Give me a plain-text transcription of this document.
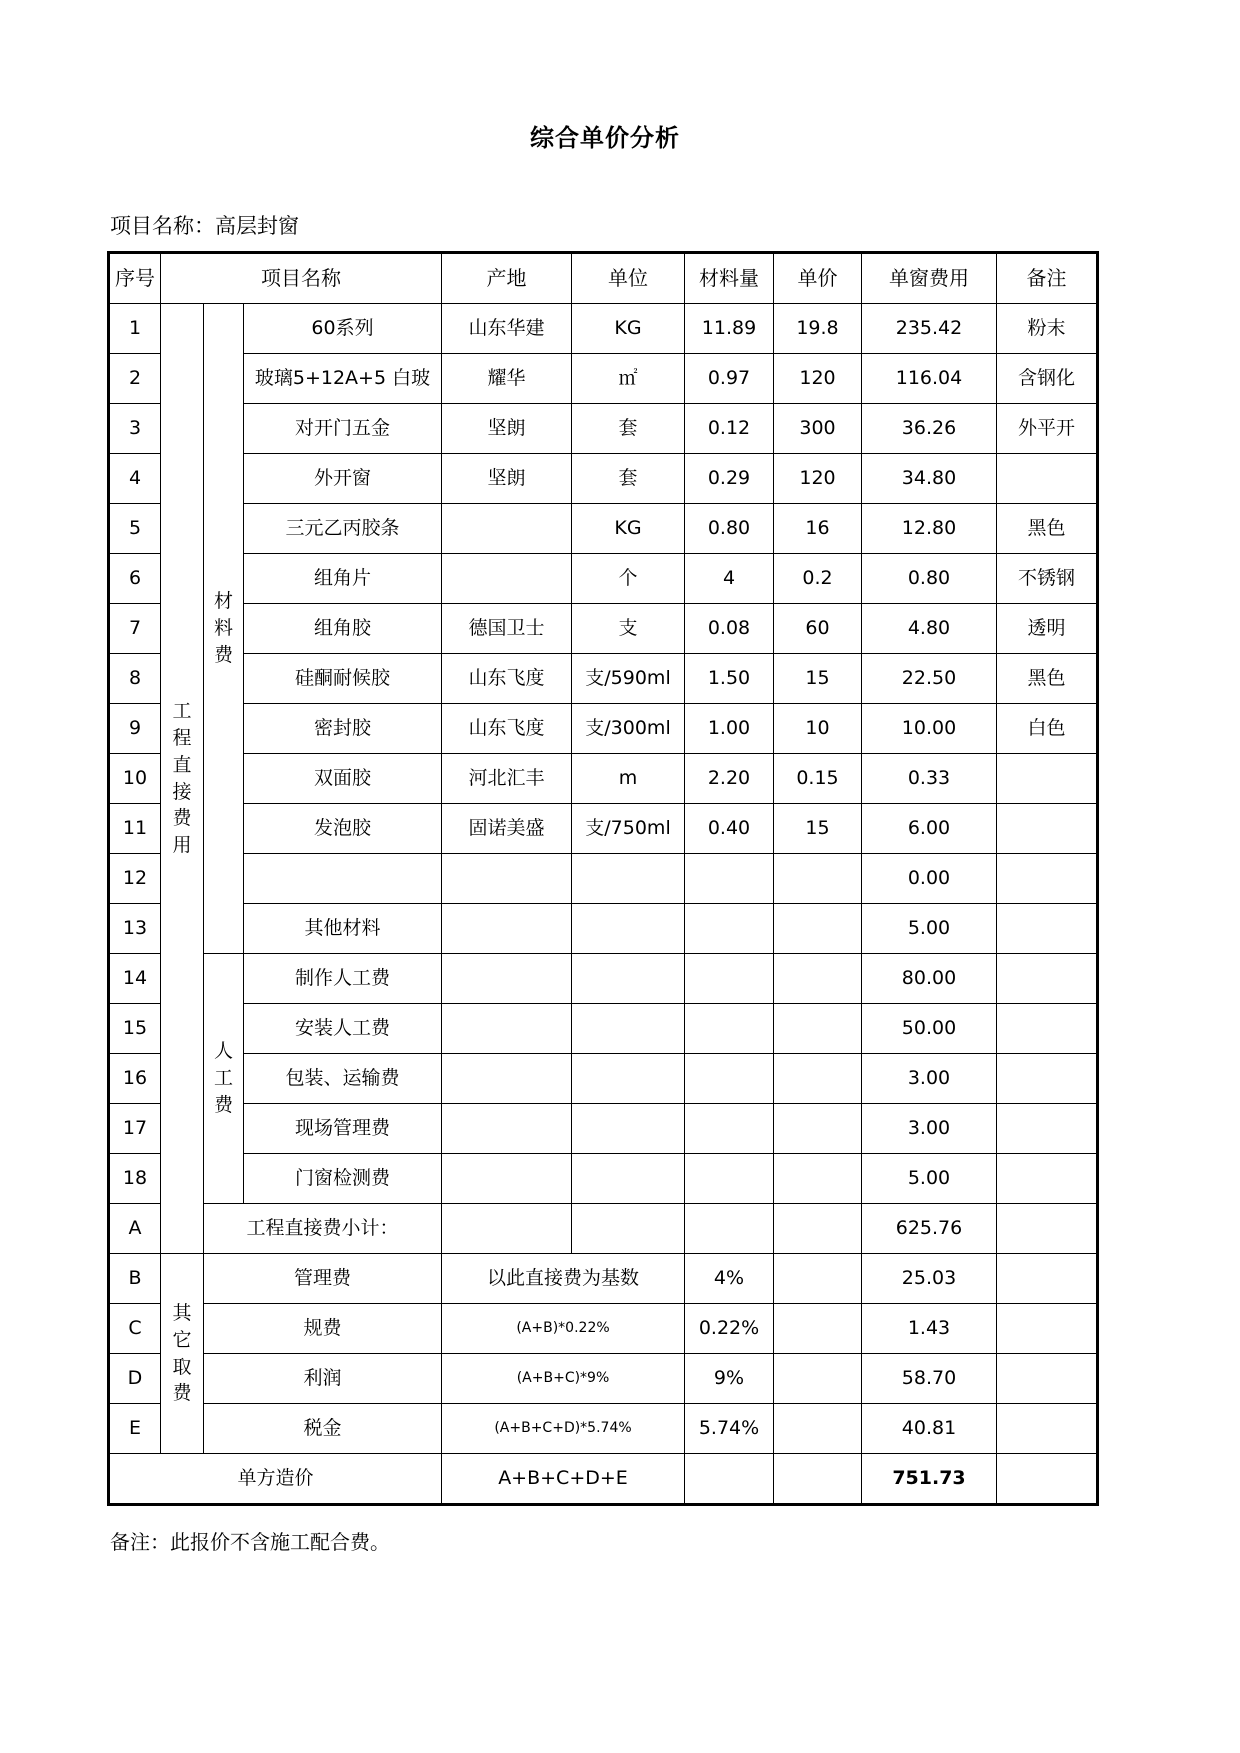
综合单价分析
项目名称：高层封窗
序号	项目名称			产地	单位	材料量	单价	单窗费用	备注
1	工程直接费用	材料费	60系列	山东华建	KG	11.89	19.8	235.42	粉末
2			玻璃5+12A+5 白玻	耀华	㎡	0.97	120	116.04	含钢化
3			对开门五金	坚朗	套	0.12	300	36.26	外平开
4			外开窗	坚朗	套	0.29	120	34.80	
5			三元乙丙胶条		KG	0.80	16	12.80	黑色
6			组角片		个	4	0.2	0.80	不锈钢
7			组角胶	德国卫士	支	0.08	60	4.80	透明
8			硅酮耐候胶	山东飞度	支/590ml	1.50	15	22.50	黑色
9			密封胶	山东飞度	支/300ml	1.00	10	10.00	白色
10			双面胶	河北汇丰	m	2.20	0.15	0.33	
11			发泡胶	固诺美盛	支/750ml	0.40	15	6.00	
12								0.00	
13			其他材料					5.00	
14		人工费	制作人工费					80.00	
15			安装人工费					50.00	
16			包装、运输费					3.00	
17			现场管理费					3.00	
18			门窗检测费					5.00	
A		工程直接费小计：						625.76	
B	其它取费	管理费		以此直接费为基数		4%		25.03	
C		规费		(A+B)*0.22%		0.22%		1.43	
D		利润		(A+B+C)*9%		9%		58.70	
E		税金		(A+B+C+D)*5.74%		5.74%		40.81	
单方造价				A+B+C+D+E				751.73	
备注：此报价不含施工配合费。
